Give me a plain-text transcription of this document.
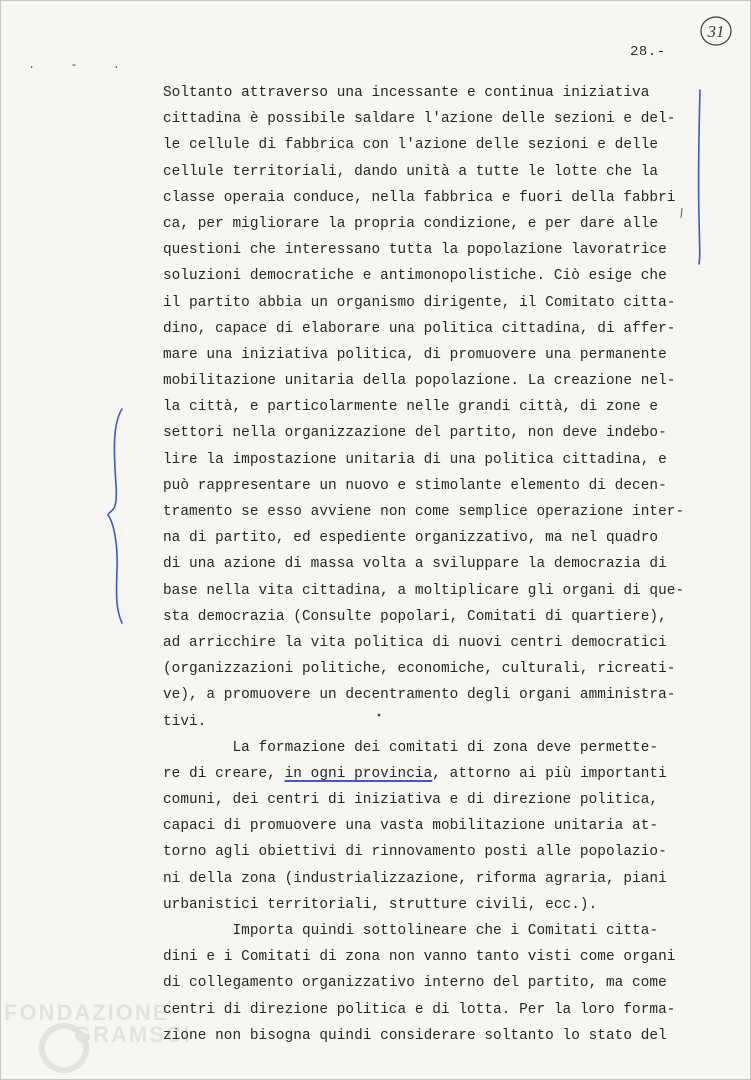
31
28.-
. - .
Soltanto attraverso una incessante e continua iniziativa
cittadina è possibile saldare l'azione delle sezioni e del-
le cellule di fabbrica con l'azione delle sezioni e delle
cellule territoriali, dando unità a tutte le lotte che la
classe operaia conduce, nella fabbrica e fuori della fabbri
ca, per migliorare la propria condizione, e per dare alle
questioni che interessano tutta la popolazione lavoratrice
soluzioni democratiche e antimonopolistiche. Ciò esige che
il partito abbia un organismo dirigente, il Comitato citta-
dino, capace di elaborare una politica cittadina, di affer-
mare una iniziativa politica, di promuovere una permanente
mobilitazione unitaria della popolazione. La creazione nel-
la città, e particolarmente nelle grandi città, di zone e
settori nella organizzazione del partito, non deve indebo-
lire la impostazione unitaria di una politica cittadina, e
può rappresentare un nuovo e stimolante elemento di decen-
tramento se esso avviene non come semplice operazione inter-
na di partito, ed espediente organizzativo, ma nel quadro
di una azione di massa volta a sviluppare la democrazia di
base nella vita cittadina, a moltiplicare gli organi di que-
sta democrazia (Consulte popolari, Comitati di quartiere),
ad arricchire la vita politica di nuovi centri democratici
(organizzazioni politiche, economiche, culturali, ricreati-
ve), a promuovere un decentramento degli organi amministra-
tivi.
La formazione dei comitati di zona deve permette-
re di creare, in ogni provincia, attorno ai più importanti
comuni, dei centri di iniziativa e di direzione politica,
capaci di promuovere una vasta mobilitazione unitaria at-
torno agli obiettivi di rinnovamento posti alle popolazio-
ni della zona (industrializzazione, riforma agraria, piani
urbanistici territoriali, strutture civili, ecc.).
Importa quindi sottolineare che i Comitati citta-
dini e i Comitati di zona non vanno tanto visti come organi
di collegamento organizzativo interno del partito, ma come
centri di direzione politica e di lotta. Per la loro forma-
zione non bisogna quindi considerare soltanto lo stato del
FONDAZIONE
GRAMSCI
